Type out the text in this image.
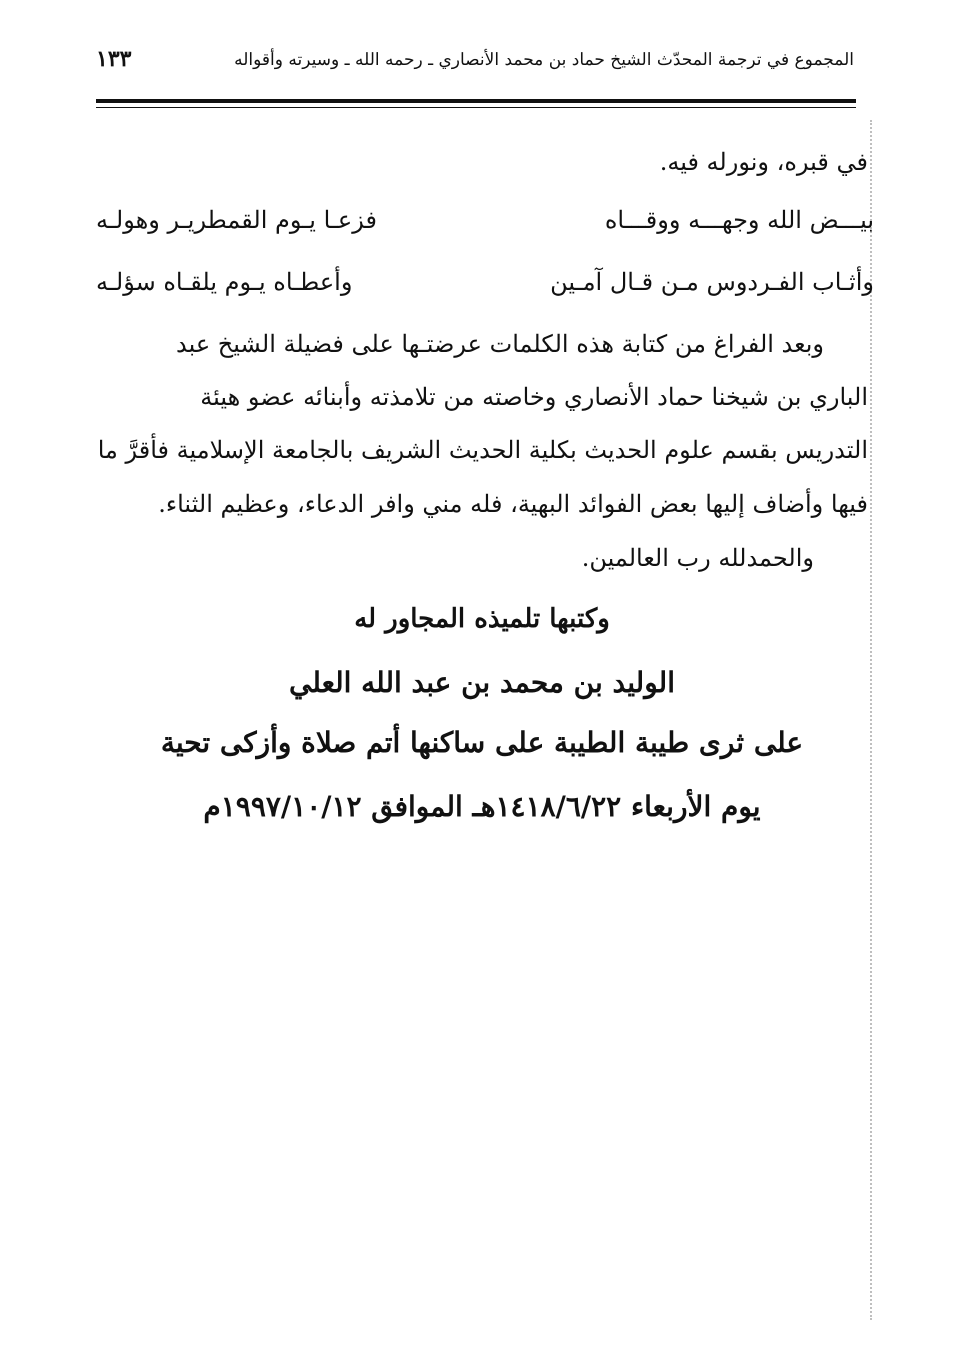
المجموع في ترجمة المحدّث الشيخ حماد بن محمد الأنصاري ـ رحمه الله ـ وسيرته وأقواله
١٣٣
في قبره، ونورله فيه.
بيـــض الله وجهـــه ووقـــاه
فزعـا يـوم القمطريـر وهولـه
وأثـاب الفـردوس مـن قـال آمـين
وأعطـاه يـوم يلقـاه سؤلـه
وبعد الفراغ من كتابة هذه الكلمات عرضتـها على فضيلة الشيخ عبد
الباري بن شيخنا حماد الأنصاري وخاصته من تلامذته وأبنائه عضو هيئة
التدريس بقسم علوم الحديث بكلية الحديث الشريف بالجامعة الإسلامية فأقرَّ ما
فيها وأضاف إليها بعض الفوائد البهية، فله مني وافر الدعاء، وعظيم الثناء.
والحمدلله رب العالمين.
وكتبها تلميذه المجاور له
الوليد بن محمد بن عبد الله العلي
على ثرى طيبة الطيبة على ساكنها أتم صلاة وأزكى تحية
يوم الأربعاء ١٤١٨/٦/٢٢هـ الموافق ١٩٩٧/١٠/١٢م
